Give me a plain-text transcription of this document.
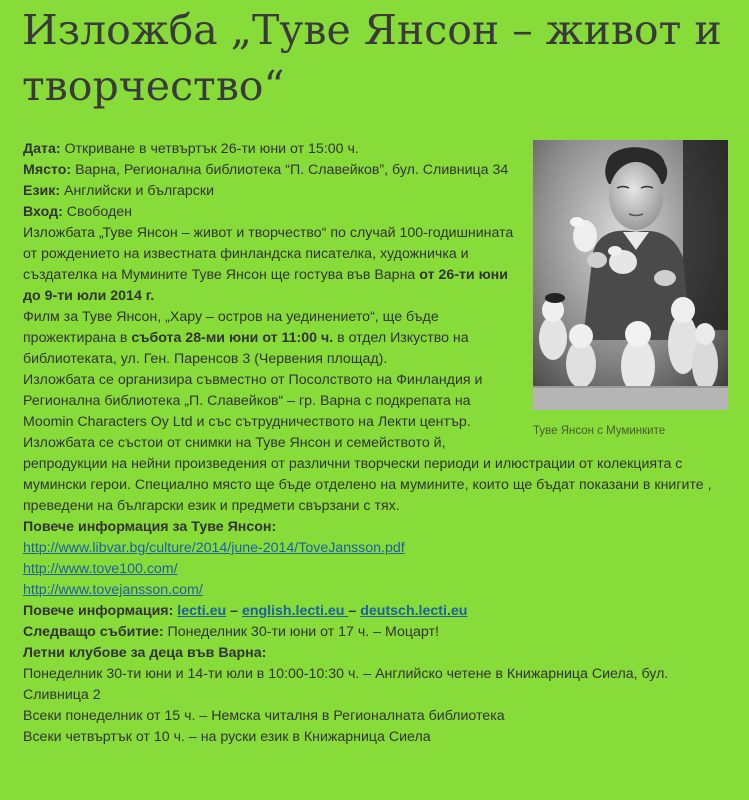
Изложба „Туве Янсон – живот и творчество“
Туве Янсон с Муминките

Дата: Откриване в четвъртък 26-ти юни от 15:00 ч.

Място: Варна, Регионална библиотека “П. Славейков”, бул. Сливница 34

Език: Английски и български

Вход: Свободен

Изложбата „Туве Янсон – живот и творчество“ по случай 100-годишнината от рождението на известната финландска писателка, художничка и създателка на Мумините Туве Янсон ще гостува във Варна от 26-ти юни до 9-ти юли 2014 г.

Филм за Туве Янсон, „Хару – остров на уединението“, ще бъде прожектирана в събота 28-ми юни от 11:00 ч. в отдел Изкуство на библиотеката, ул. Ген. Паренсов 3 (Червения площад).

Изложбата се организира съвместно от Посолството на Финландия и Регионална библиотека „П. Славейков“ – гр. Варна с подкрепата на Moomin Characters Oy Ltd и със сътрудничеството на Лекти център.

Изложбата се състои от снимки на Туве Янсон и семейството й, репродукции на нейни произведения от различни творчески периоди и илюстрации от колекцията с мумински герои. Специално място ще бъде отделено на мумините, които ще бъдат показани в книгите , преведени на български език и предмети свързани с тях.

Повече информация за Туве Янсон:

http://www.libvar.bg/culture/2014/june-2014/ToveJansson.pdf

http://www.tove100.com/

http://www.tovejansson.com/

Повече информация: lecti.eu – english.lecti.eu – deutsch.lecti.eu

Следващо събитие: Понеделник 30-ти юни от 17 ч. – Моцарт!

Летни клубове за деца във Варна:

Понеделник 30-ти юни и 14-ти юли в 10:00-10:30 ч. – Английско четене в Книжарница Сиела, бул. Сливница 2

Всеки понеделник от 15 ч. – Немска читалня в Регионалната библиотека

Всеки четвъртък от 10 ч. – на руски език в Книжарница Сиела
